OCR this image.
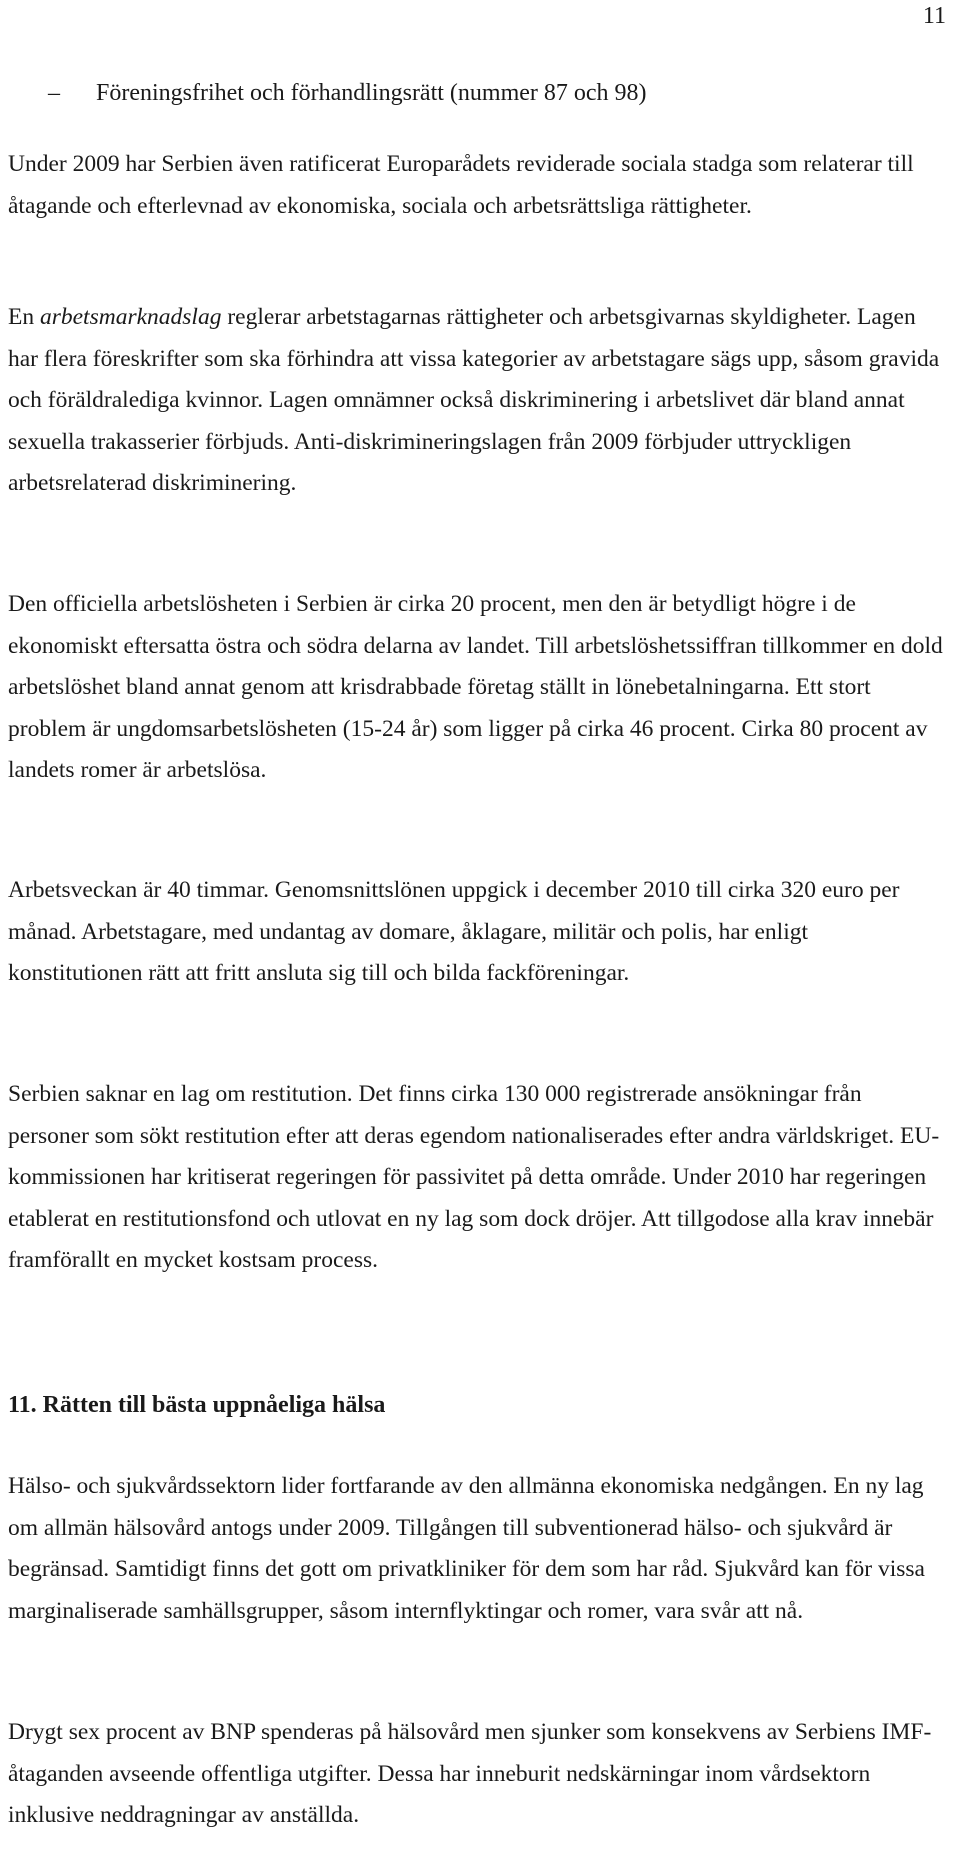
11
– Föreningsfrihet och förhandlingsrätt (nummer 87 och 98)

Under 2009 har Serbien även ratificerat Europarådets reviderade sociala stadga som relaterar till åtagande och efterlevnad av ekonomiska, sociala och arbetsrättsliga rättigheter.

En arbetsmarknadslag reglerar arbetstagarnas rättigheter och arbetsgivarnas skyldigheter. Lagen har flera föreskrifter som ska förhindra att vissa kategorier av arbetstagare sägs upp, såsom gravida och föräldralediga kvinnor. Lagen omnämner också diskriminering i arbetslivet där bland annat sexuella trakasserier förbjuds. Anti-diskrimineringslagen från 2009 förbjuder uttryckligen arbetsrelaterad diskriminering.

Den officiella arbetslösheten i Serbien är cirka 20 procent, men den är betydligt högre i de ekonomiskt eftersatta östra och södra delarna av landet. Till arbetslöshetssiffran tillkommer en dold arbetslöshet bland annat genom att krisdrabbade företag ställt in lönebetalningarna. Ett stort problem är ungdomsarbetslösheten (15-24 år) som ligger på cirka 46 procent. Cirka 80 procent av landets romer är arbetslösa.

Arbetsveckan är 40 timmar. Genomsnittslönen uppgick i december 2010 till cirka 320 euro per månad. Arbetstagare, med undantag av domare, åklagare, militär och polis, har enligt konstitutionen rätt att fritt ansluta sig till och bilda fackföreningar.

Serbien saknar en lag om restitution. Det finns cirka 130 000 registrerade ansökningar från personer som sökt restitution efter att deras egendom nationaliserades efter andra världskriget. EU-kommissionen har kritiserat regeringen för passivitet på detta område. Under 2010 har regeringen etablerat en restitutionsfond och utlovat en ny lag som dock dröjer. Att tillgodose alla krav innebär framförallt en mycket kostsam process.

11. Rätten till bästa uppnåeliga hälsa

Hälso- och sjukvårdssektorn lider fortfarande av den allmänna ekonomiska nedgången. En ny lag om allmän hälsovård antogs under 2009. Tillgången till subventionerad hälso- och sjukvård är begränsad. Samtidigt finns det gott om privatkliniker för dem som har råd. Sjukvård kan för vissa marginaliserade samhällsgrupper, såsom internflyktingar och romer, vara svår att nå.

Drygt sex procent av BNP spenderas på hälsovård men sjunker som konsekvens av Serbiens IMF-åtaganden avseende offentliga utgifter. Dessa har inneburit nedskärningar inom vårdsektorn inklusive neddragningar av anställda.
